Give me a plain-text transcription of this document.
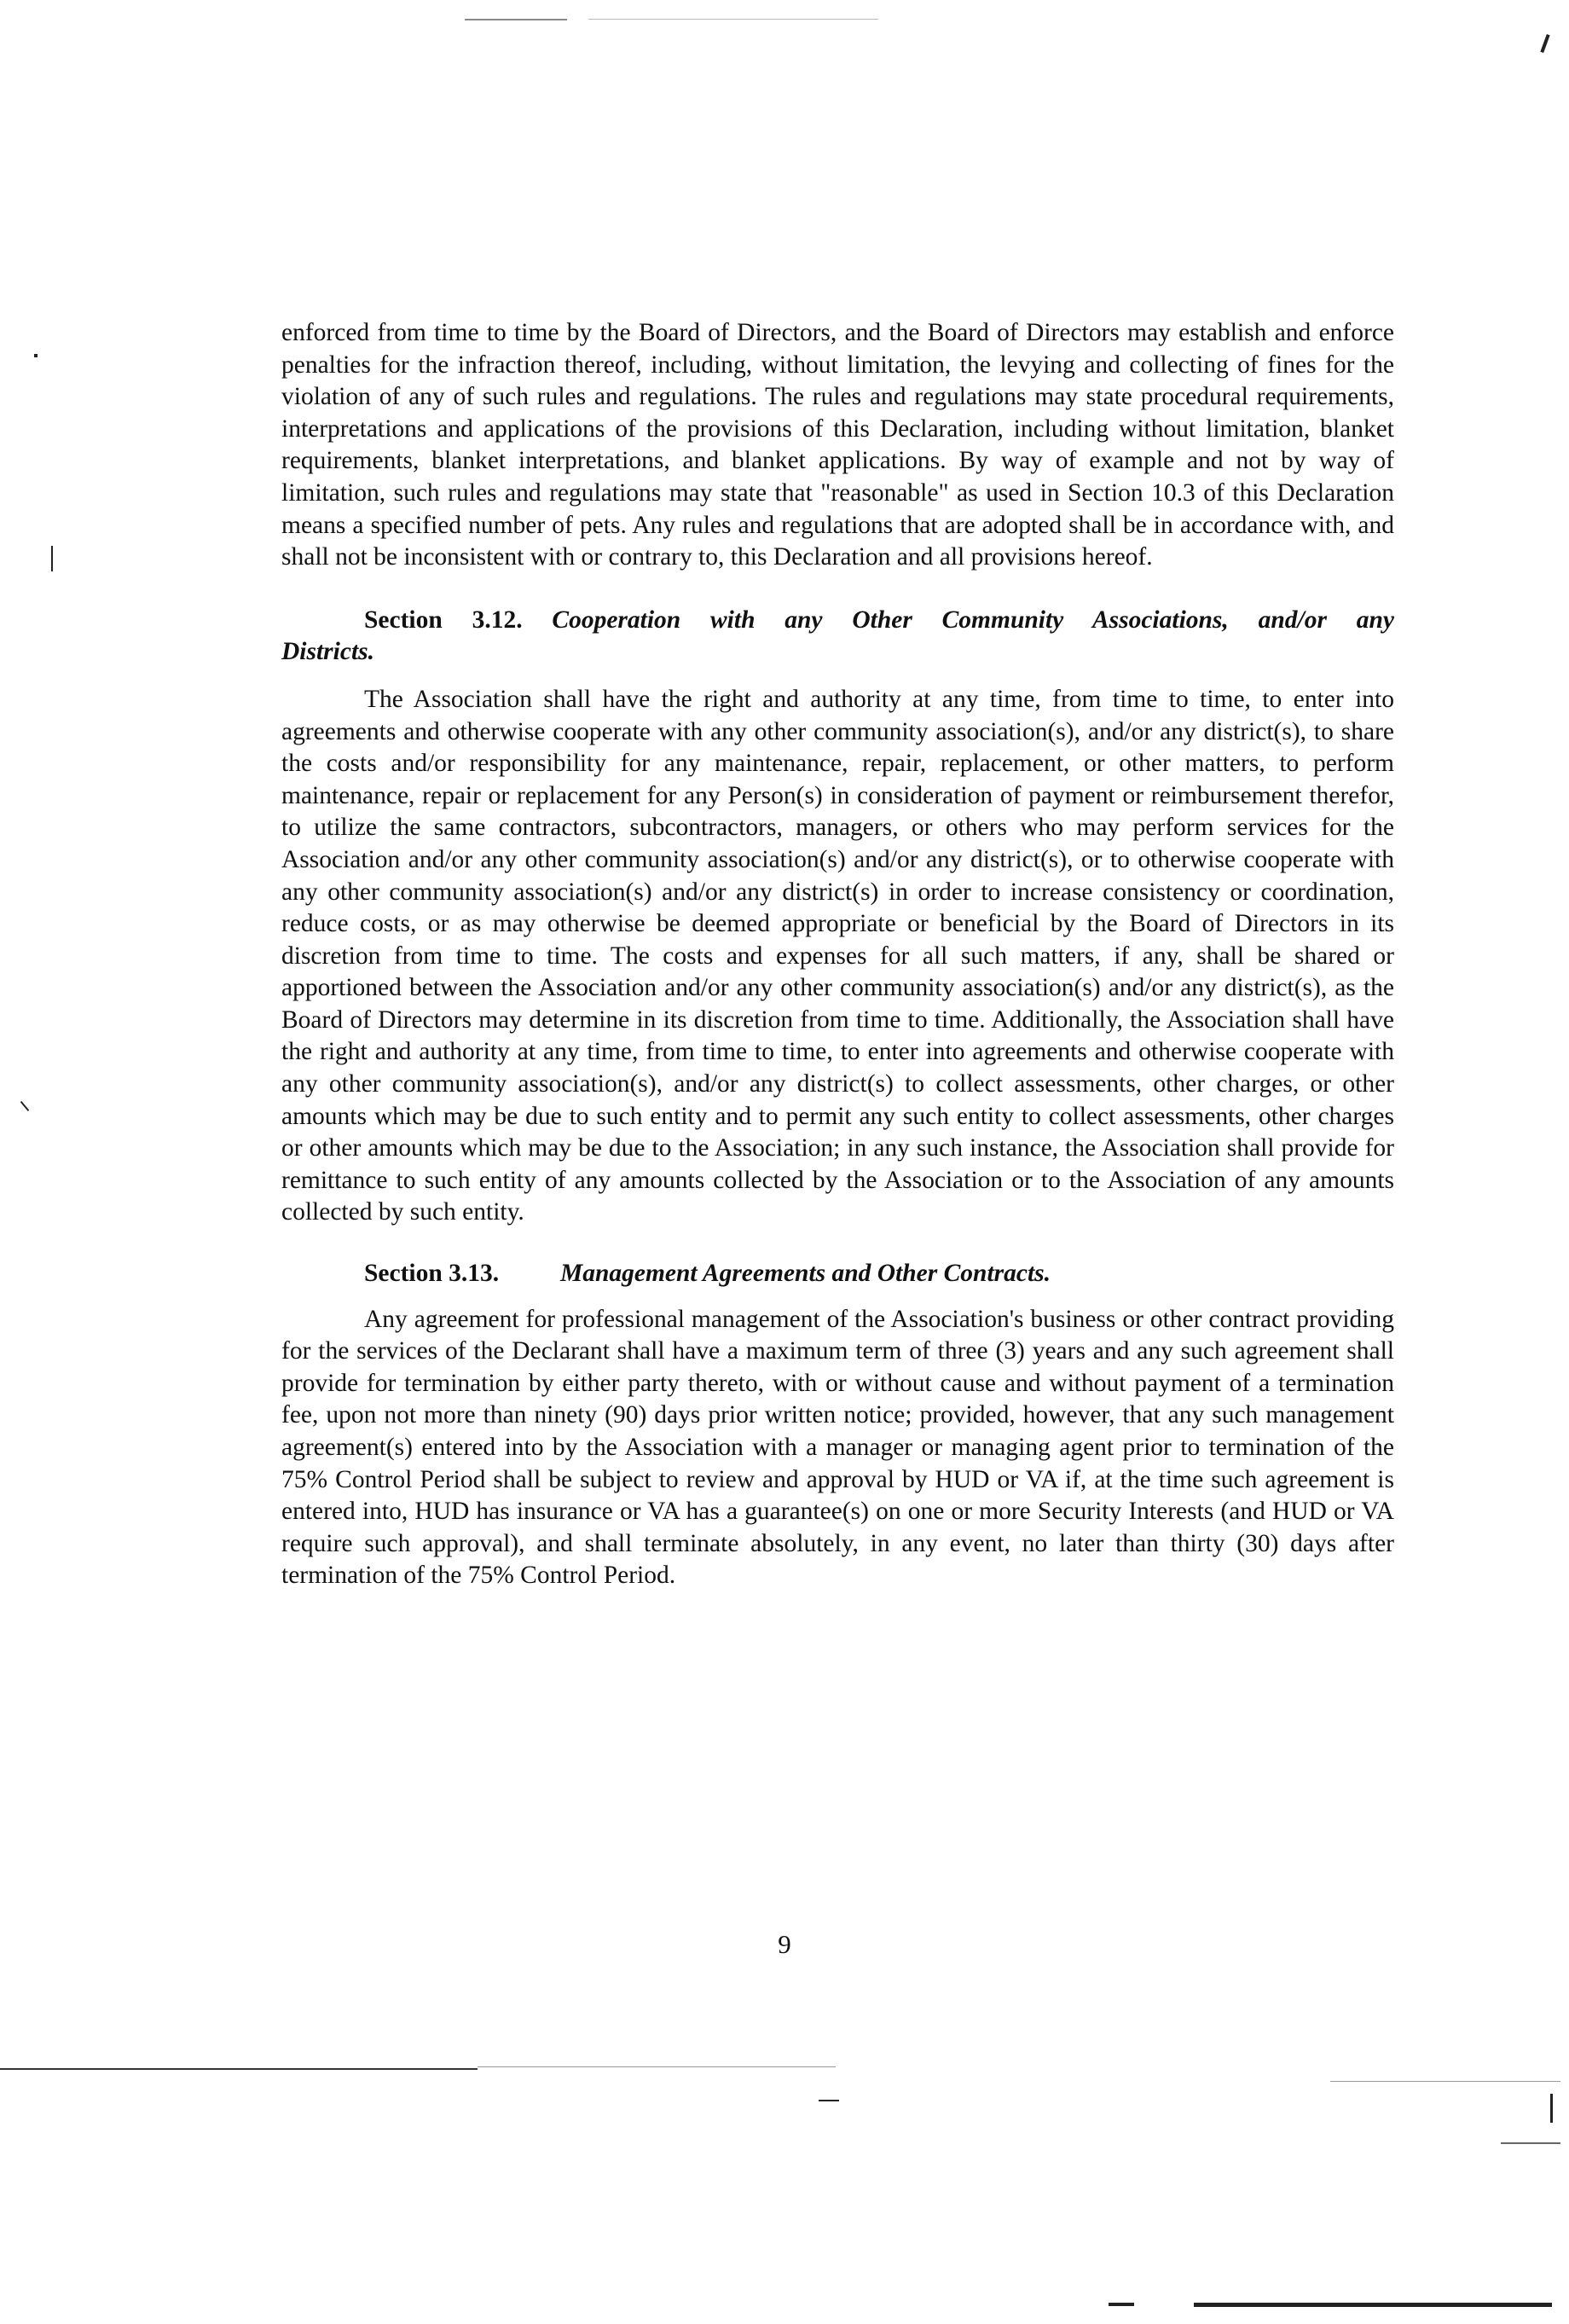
enforced from time to time by the Board of Directors, and the Board of Directors may establish and enforce penalties for the infraction thereof, including, without limitation, the levying and collecting of fines for the violation of any of such rules and regulations. The rules and regulations may state procedural requirements, interpretations and applications of the provisions of this Declaration, including without limitation, blanket requirements, blanket interpretations, and blanket applications. By way of example and not by way of limitation, such rules and regulations may state that "reasonable" as used in Section 10.3 of this Declaration means a specified number of pets. Any rules and regulations that are adopted shall be in accordance with, and shall not be inconsistent with or contrary to, this Declaration and all provisions hereof.

Section 3.12. Cooperation with any Other Community Associations, and/or any

Districts.

The Association shall have the right and authority at any time, from time to time, to enter into agreements and otherwise cooperate with any other community association(s), and/or any district(s), to share the costs and/or responsibility for any maintenance, repair, replacement, or other matters, to perform maintenance, repair or replacement for any Person(s) in consideration of payment or reimbursement therefor, to utilize the same contractors, subcontractors, managers, or others who may perform services for the Association and/or any other community association(s) and/or any district(s), or to otherwise cooperate with any other community association(s) and/or any district(s) in order to increase consistency or coordination, reduce costs, or as may otherwise be deemed appropriate or beneficial by the Board of Directors in its discretion from time to time. The costs and expenses for all such matters, if any, shall be shared or apportioned between the Association and/or any other community association(s) and/or any district(s), as the Board of Directors may determine in its discretion from time to time. Additionally, the Association shall have the right and authority at any time, from time to time, to enter into agreements and otherwise cooperate with any other community association(s), and/or any district(s) to collect assessments, other charges, or other amounts which may be due to such entity and to permit any such entity to collect assessments, other charges or other amounts which may be due to the Association; in any such instance, the Association shall provide for remittance to such entity of any amounts collected by the Association or to the Association of any amounts collected by such entity.

Section 3.13. Management Agreements and Other Contracts.

Any agreement for professional management of the Association's business or other contract providing for the services of the Declarant shall have a maximum term of three (3) years and any such agreement shall provide for termination by either party thereto, with or without cause and without payment of a termination fee, upon not more than ninety (90) days prior written notice; provided, however, that any such management agreement(s) entered into by the Association with a manager or managing agent prior to termination of the 75% Control Period shall be subject to review and approval by HUD or VA if, at the time such agreement is entered into, HUD has insurance or VA has a guarantee(s) on one or more Security Interests (and HUD or VA require such approval), and shall terminate absolutely, in any event, no later than thirty (30) days after termination of the 75% Control Period.

9
